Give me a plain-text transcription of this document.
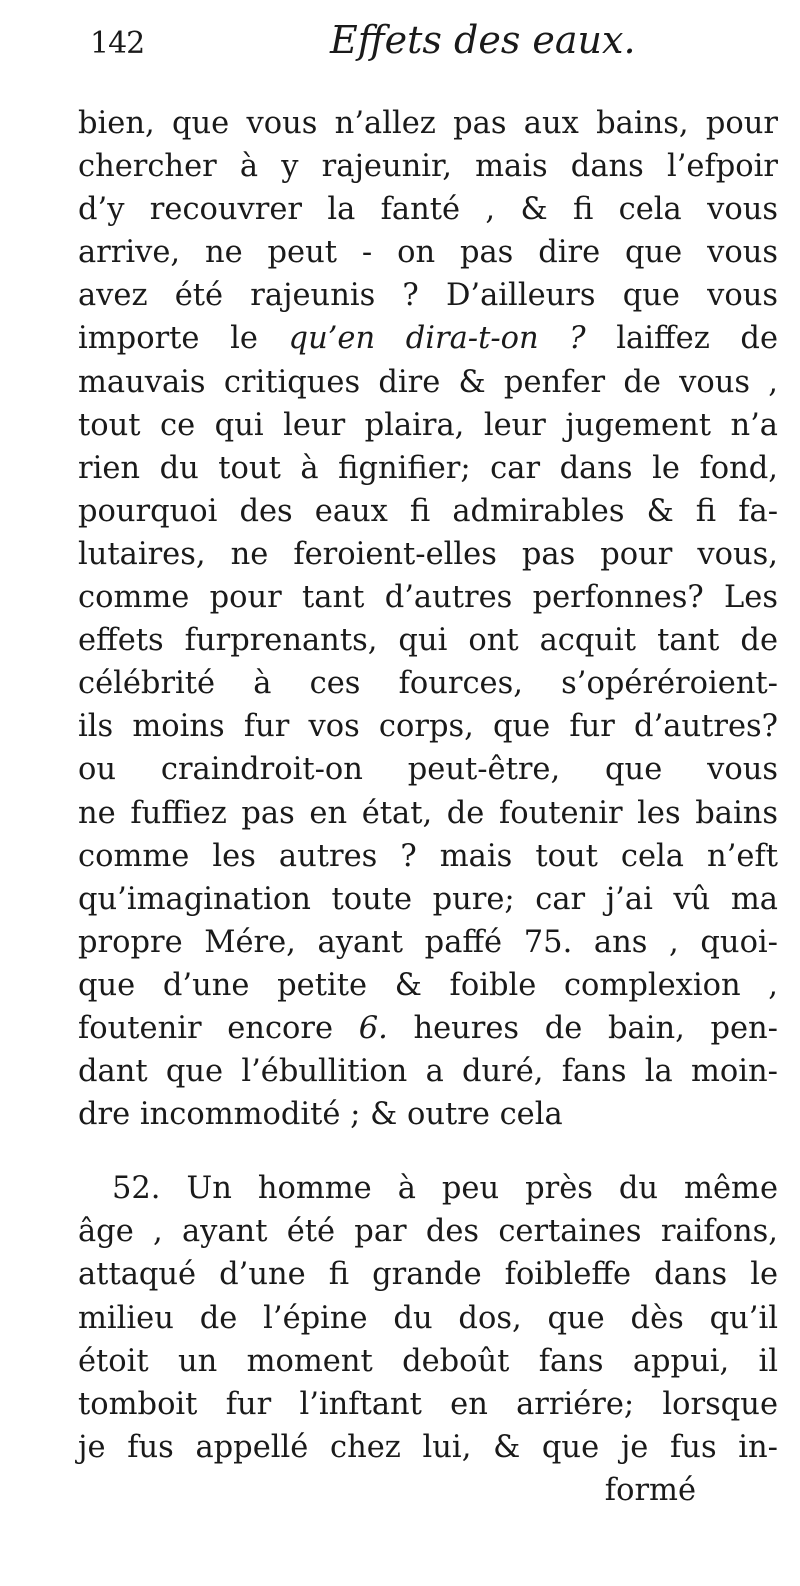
142	Effets des eaux.
bien, que vous n’allez pas aux bains, pour
chercher à y rajeunir, mais dans l’efpoir
d’y recouvrer la fanté , & fi cela vous
arrive, ne peut - on pas dire que vous
avez été rajeunis ? D’ailleurs que vous
importe le qu’en dira-t-on ? laiffez de
mauvais critiques dire & penfer de vous ,
tout ce qui leur plaira, leur jugement n’a
rien du tout à fignifier; car dans le fond,
pourquoi des eaux fi admirables & fi fa-
lutaires, ne feroient-elles pas pour vous,
comme pour tant d’autres perfonnes? Les
effets furprenants, qui ont acquit tant de
célébrité à ces fources, s’opéréroient-
ils moins fur vos corps, que fur d’autres?
ou craindroit-on peut-être, que vous
ne fuffiez pas en état, de foutenir les bains
comme les autres ? mais tout cela n’eft
qu’imagination toute pure; car j’ai vû ma
propre Mére, ayant paffé 75. ans , quoi-
que d’une petite & foible complexion ,
foutenir encore 6. heures de bain, pen-
dant que l’ébullition a duré, fans la moin-
dre incommodité ; & outre cela
52. Un homme à peu près du même
âge , ayant été par des certaines raifons,
attaqué d’une fi grande foibleffe dans le
milieu de l’épine du dos, que dès qu’il
étoit un moment deboût fans appui, il
tomboit fur l’inftant en arriére; lorsque
je fus appellé chez lui, & que je fus in-
formé
